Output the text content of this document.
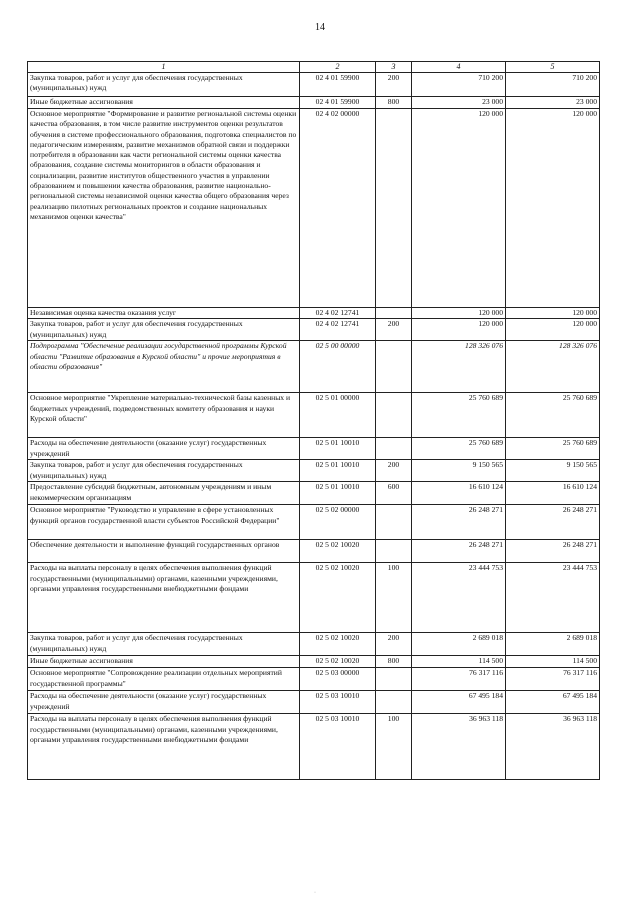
14
1	2	3	4	5
Закупка товаров, работ и услуг для обеспечения государственных (муниципальных) нужд	02 4 01 59900	200	710 200	710 200
Иные бюджетные ассигнования	02 4 01 59900	800	23 000	23 000
Основное мероприятие "Формирование и развитие региональной системы оценки качества образования, в том числе развитие инструментов оценки результатов обучения в системе профессионального образования, подготовка специалистов по педагогическим измерениям, развитие механизмов обратной связи и поддержки потребителя в образовании как части региональной системы оценки качества образования, создание системы мониторингов в области образования и социализации, развитие институтов общественного участия в управлении образованием и повышении качества образования, развитие национально- региональной системы независимой оценки качества общего образования через реализацию пилотных региональных проектов и создание национальных механизмов оценки качества"	02 4 02 00000		120 000	120 000
Независимая оценка качества оказания услуг	02 4 02 12741		120 000	120 000
Закупка товаров, работ и услуг для обеспечения государственных (муниципальных) нужд	02 4 02 12741	200	120 000	120 000
Подпрограмма "Обеспечение реализации государственной программы Курской области "Развитие образования в Курской области" и прочие мероприятия в области образования"	02 5 00 00000		128 326 076	128 326 076
Основное мероприятие "Укрепление материально-технической базы казенных и бюджетных учреждений, подведомственных комитету образования и науки Курской области"	02 5 01 00000		25 760 689	25 760 689
Расходы на обеспечение деятельности (оказание услуг) государственных учреждений	02 5 01 10010		25 760 689	25 760 689
Закупка товаров, работ и услуг для обеспечения государственных (муниципальных) нужд	02 5 01 10010	200	9 150 565	9 150 565
Предоставление субсидий бюджетным, автономным учреждениям и иным некоммерческим организациям	02 5 01 10010	600	16 610 124	16 610 124
Основное мероприятие "Руководство и управление в сфере установленных функций органов государственной власти субъектов Российской Федерации"	02 5 02 00000		26 248 271	26 248 271
Обеспечение деятельности и выполнение функций государственных органов	02 5 02 10020		26 248 271	26 248 271
Расходы на выплаты персоналу в целях обеспечения выполнения функций государственными (муниципальными) органами, казенными учреждениями, органами управления государственными внебюджетными фондами	02 5 02 10020	100	23 444 753	23 444 753
Закупка товаров, работ и услуг для обеспечения государственных (муниципальных) нужд	02 5 02 10020	200	2 689 018	2 689 018
Иные бюджетные ассигнования	02 5 02 10020	800	114 500	114 500
Основное мероприятие "Сопровождение реализации отдельных мероприятий государственной программы"	02 5 03 00000		76 317 116	76 317 116
Расходы на обеспечение деятельности (оказание услуг) государственных учреждений	02 5 03 10010		67 495 184	67 495 184
Расходы на выплаты персоналу в целях обеспечения выполнения функций государственными (муниципальными) органами, казенными учреждениями, органами управления государственными внебюджетными фондами	02 5 03 10010	100	36 963 118	36 963 118
·
